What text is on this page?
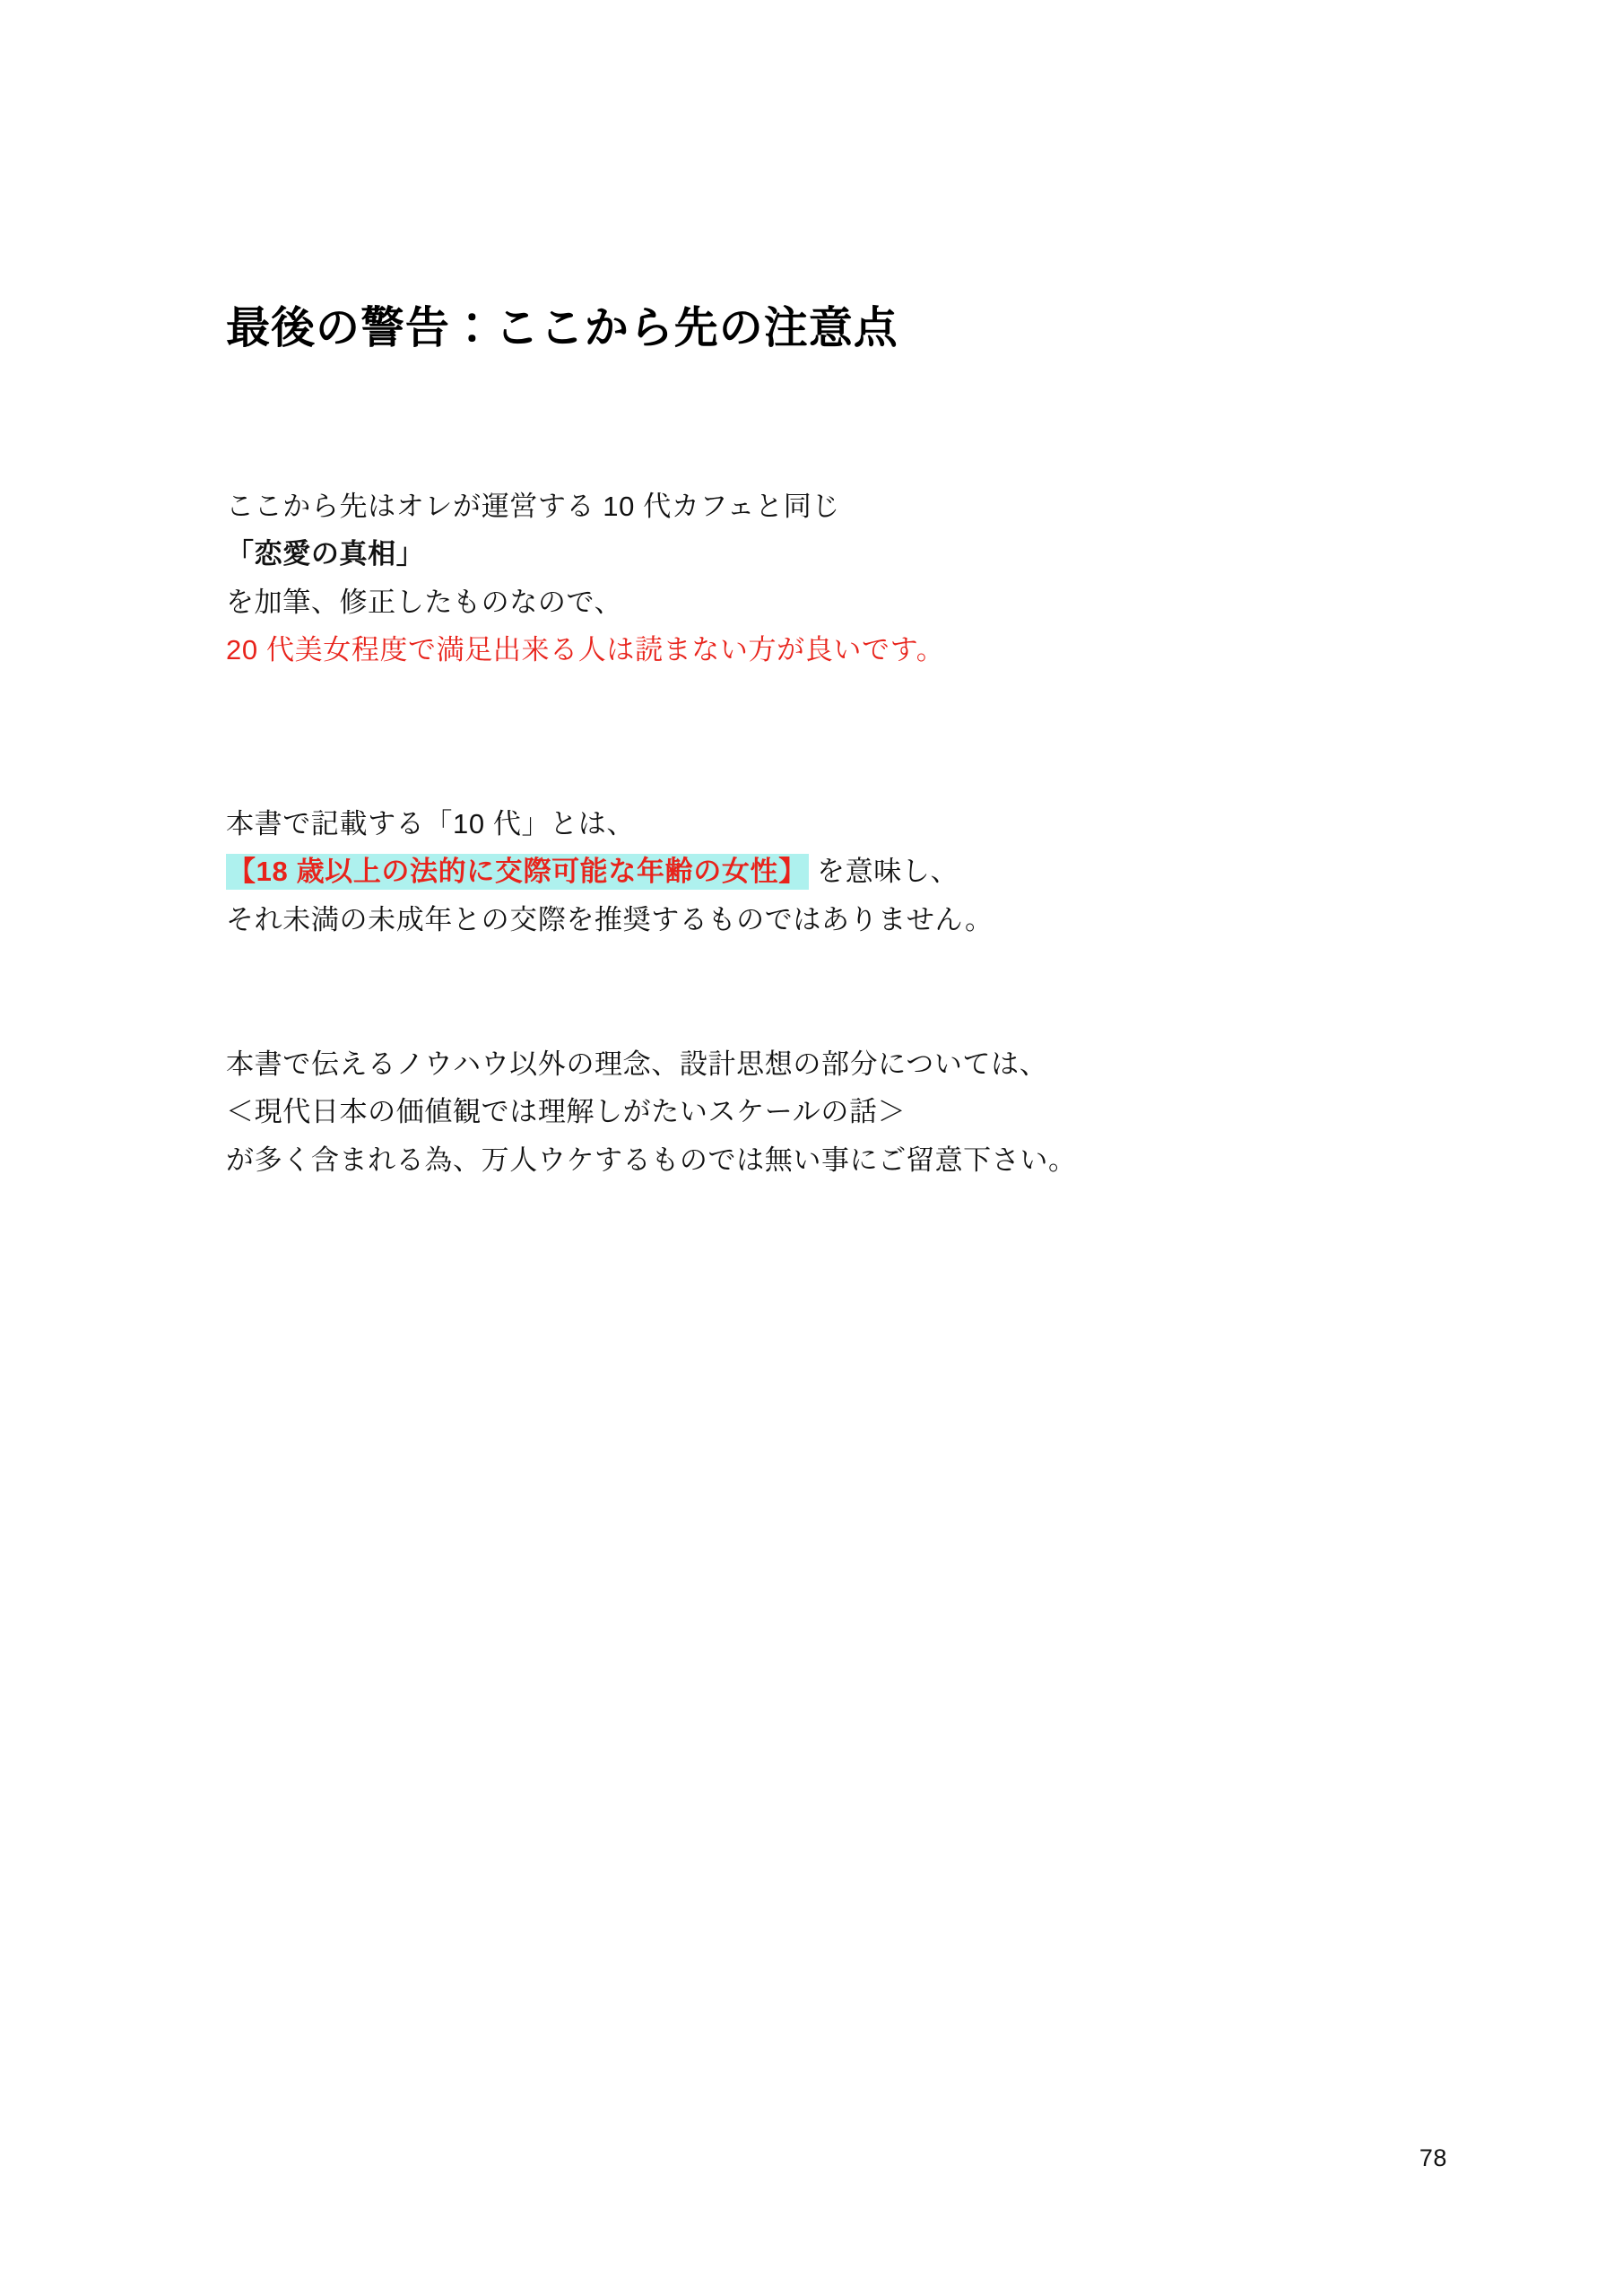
最後の警告：ここから先の注意点
ここから先はオレが運営する 10 代カフェと同じ
「恋愛の真相」
を加筆、修正したものなので、
20 代美女程度で満足出来る人は読まない方が良いです。
本書で記載する「10 代」とは、
【18 歳以上の法的に交際可能な年齢の女性】 を意味し、
それ未満の未成年との交際を推奨するものではありません。
本書で伝えるノウハウ以外の理念、設計思想の部分については、
＜現代日本の価値観では理解しがたいスケールの話＞
が多く含まれる為、万人ウケするものでは無い事にご留意下さい。
78
